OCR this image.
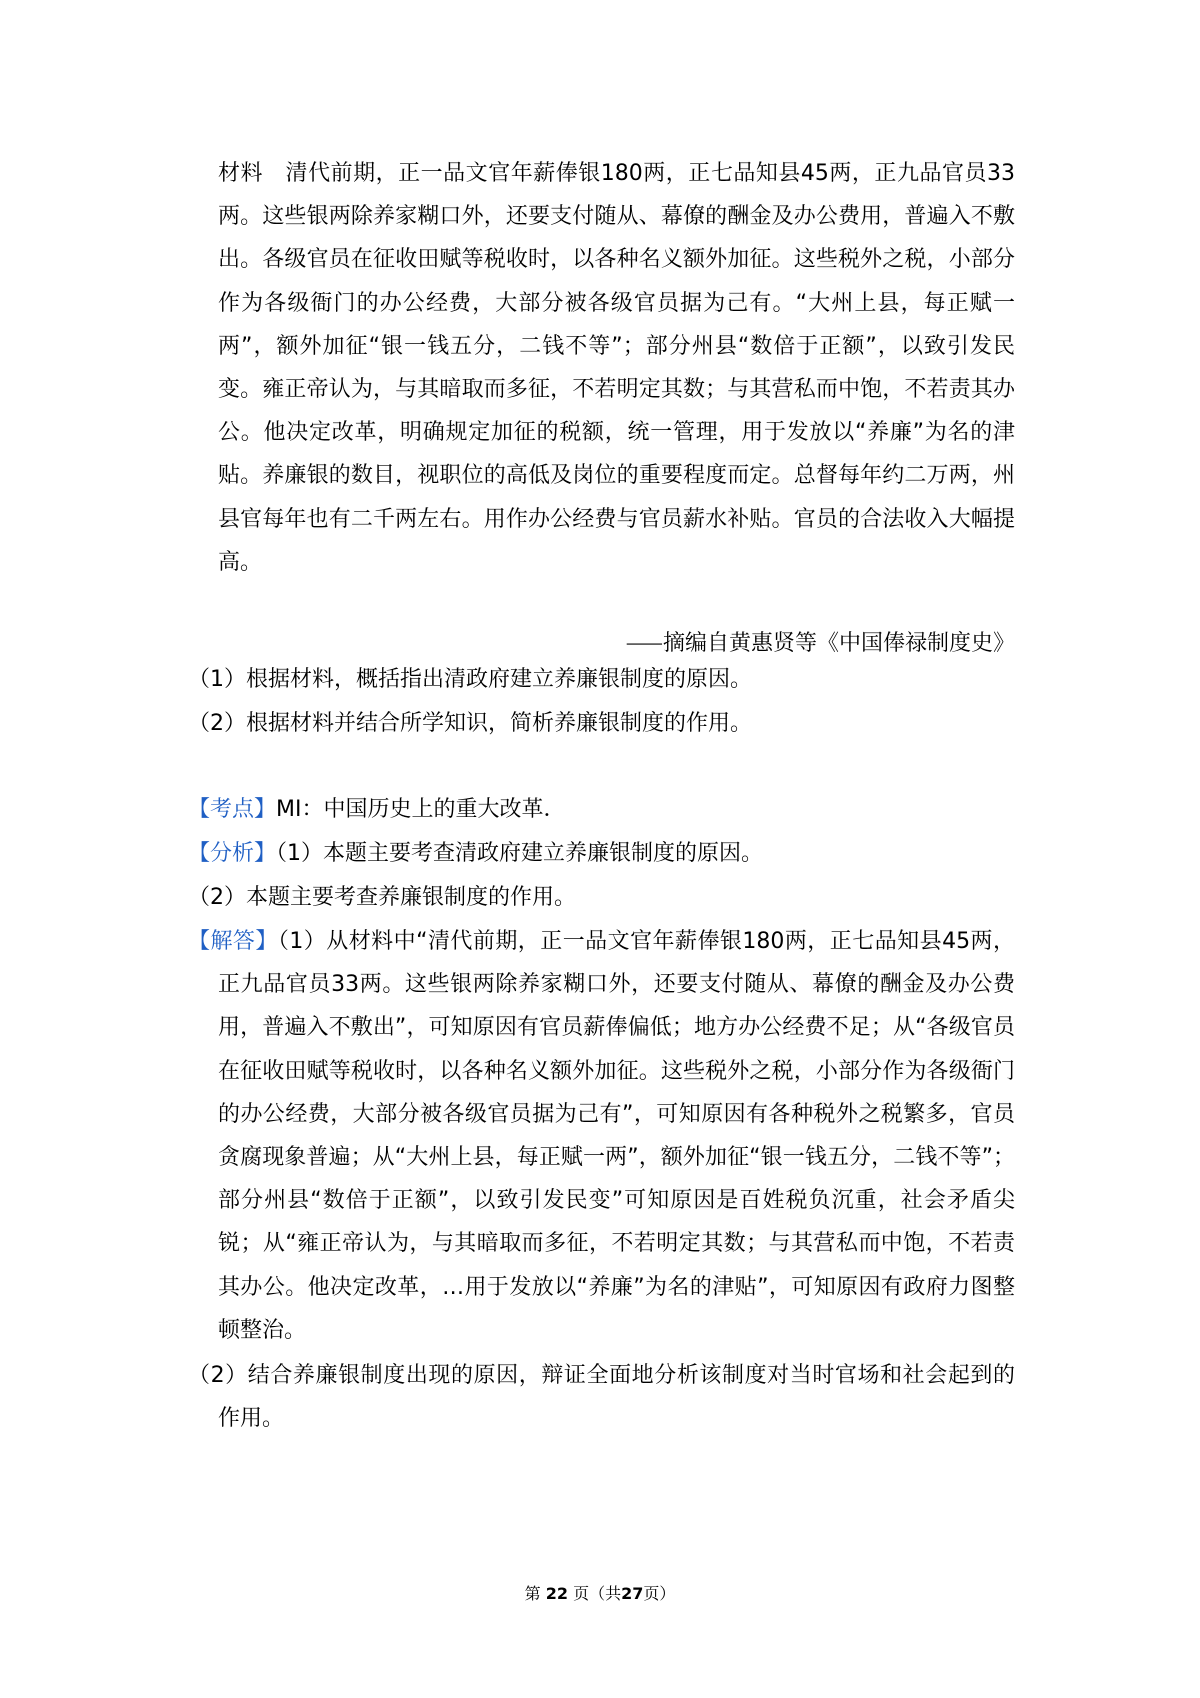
材料　清代前期，正一品文官年薪俸银180两，正七品知县45两，正九品官员33两。这些银两除养家糊口外，还要支付随从、幕僚的酬金及办公费用，普遍入不敷出。各级官员在征收田赋等税收时，以各种名义额外加征。这些税外之税，小部分作为各级衙门的办公经费，大部分被各级官员据为己有。“大州上县，每正赋一两”，额外加征“银一钱五分，二钱不等”；部分州县“数倍于正额”，以致引发民变。雍正帝认为，与其暗取而多征，不若明定其数；与其营私而中饱，不若责其办公。他决定改革，明确规定加征的税额，统一管理，用于发放以“养廉”为名的津贴。养廉银的数目，视职位的高低及岗位的重要程度而定。总督每年约二万两，州县官每年也有二千两左右。用作办公经费与官员薪水补贴。官员的合法收入大幅提高。
⸺摘编自黄惠贤等《中国俸禄制度史》
（1）根据材料，概括指出清政府建立养廉银制度的原因。
（2）根据材料并结合所学知识，简析养廉银制度的作用。
【考点】MI：中国历史上的重大改革．
【分析】（1）本题主要考查清政府建立养廉银制度的原因。
（2）本题主要考查养廉银制度的作用。
【解答】（1）从材料中“清代前期，正一品文官年薪俸银180两，正七品知县45两，正九品官员33两。这些银两除养家糊口外，还要支付随从、幕僚的酬金及办公费用，普遍入不敷出”，可知原因有官员薪俸偏低；地方办公经费不足；从“各级官员在征收田赋等税收时，以各种名义额外加征。这些税外之税，小部分作为各级衙门的办公经费，大部分被各级官员据为己有”，可知原因有各种税外之税繁多，官员贪腐现象普遍；从“大州上县，每正赋一两”，额外加征“银一钱五分，二钱不等”；部分州县“数倍于正额”，以致引发民变”可知原因是百姓税负沉重，社会矛盾尖锐；从“雍正帝认为，与其暗取而多征，不若明定其数；与其营私而中饱，不若责其办公。他决定改革，…用于发放以“养廉”为名的津贴”，可知原因有政府力图整顿整治。
（2）结合养廉银制度出现的原因，辩证全面地分析该制度对当时官场和社会起到的作用。
第 22 页（共27页）
